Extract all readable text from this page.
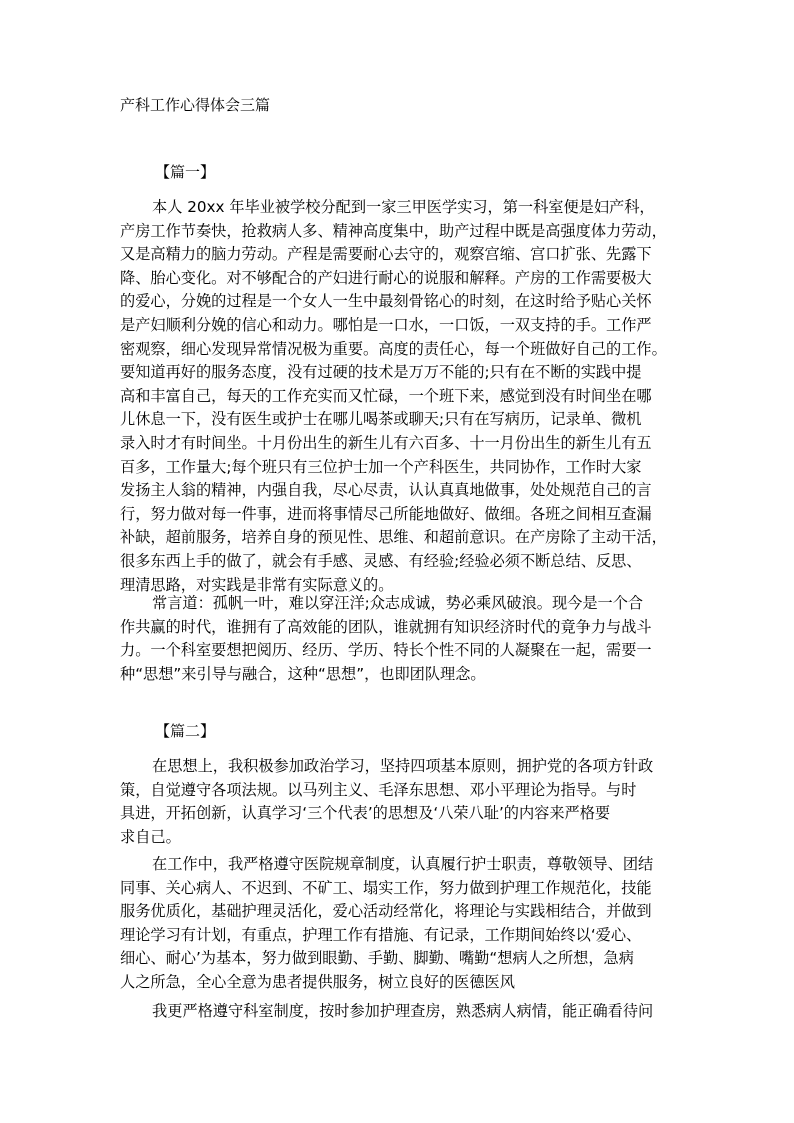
产科工作心得体会三篇
【篇一】
本人 20xx 年毕业被学校分配到一家三甲医学实习，第一科室便是妇产科，
产房工作节奏快，抢救病人多、精神高度集中，助产过程中既是高强度体力劳动，
又是高精力的脑力劳动。产程是需要耐心去守的，观察宫缩、宫口扩张、先露下
降、胎心变化。对不够配合的产妇进行耐心的说服和解释。产房的工作需要极大
的爱心，分娩的过程是一个女人一生中最刻骨铭心的时刻，在这时给予贴心关怀
是产妇顺利分娩的信心和动力。哪怕是一口水，一口饭，一双支持的手。工作严
密观察，细心发现异常情况极为重要。高度的责任心，每一个班做好自己的工作。
要知道再好的服务态度，没有过硬的技术是万万不能的;只有在不断的实践中提
高和丰富自己，每天的工作充实而又忙碌，一个班下来，感觉到没有时间坐在哪
儿休息一下，没有医生或护士在哪儿喝茶或聊天;只有在写病历，记录单、微机
录入时才有时间坐。十月份出生的新生儿有六百多、十一月份出生的新生儿有五
百多，工作量大;每个班只有三位护士加一个产科医生，共同协作，工作时大家
发扬主人翁的精神，内强自我，尽心尽责，认认真真地做事，处处规范自己的言
行，努力做对每一件事，进而将事情尽己所能地做好、做细。各班之间相互查漏
补缺，超前服务，培养自身的预见性、思维、和超前意识。在产房除了主动干活，
很多东西上手的做了，就会有手感、灵感、有经验;经验必须不断总结、反思、
理清思路，对实践是非常有实际意义的。
常言道：孤帆一叶，难以穿汪洋;众志成诚，势必乘风破浪。现今是一个合
作共赢的时代，谁拥有了高效能的团队，谁就拥有知识经济时代的竟争力与战斗
力。一个科室要想把阅历、经历、学历、特长个性不同的人凝聚在一起，需要一
种“思想”来引导与融合，这种“思想”，也即团队理念。
【篇二】
在思想上，我积极参加政治学习，坚持四项基本原则，拥护党的各项方针政
策，自觉遵守各项法规。以马列主义、毛泽东思想、邓小平理论为指导。与时
具进，开拓创新，认真学习‘三个代表’的思想及‘八荣八耻’的内容来严格要
求自己。
在工作中，我严格遵守医院规章制度，认真履行护士职责，尊敬领导、团结
同事、关心病人、不迟到、不矿工、塌实工作，努力做到护理工作规范化，技能
服务优质化，基础护理灵活化，爱心活动经常化，将理论与实践相结合，并做到
理论学习有计划，有重点，护理工作有措施、有记录，工作期间始终以‘爱心、
细心、耐心’为基本，努力做到眼勤、手勤、脚勤、嘴勤“想病人之所想，急病
人之所急，全心全意为患者提供服务，树立良好的医德医风
我更严格遵守科室制度，按时参加护理查房，熟悉病人病情，能正确看待问
